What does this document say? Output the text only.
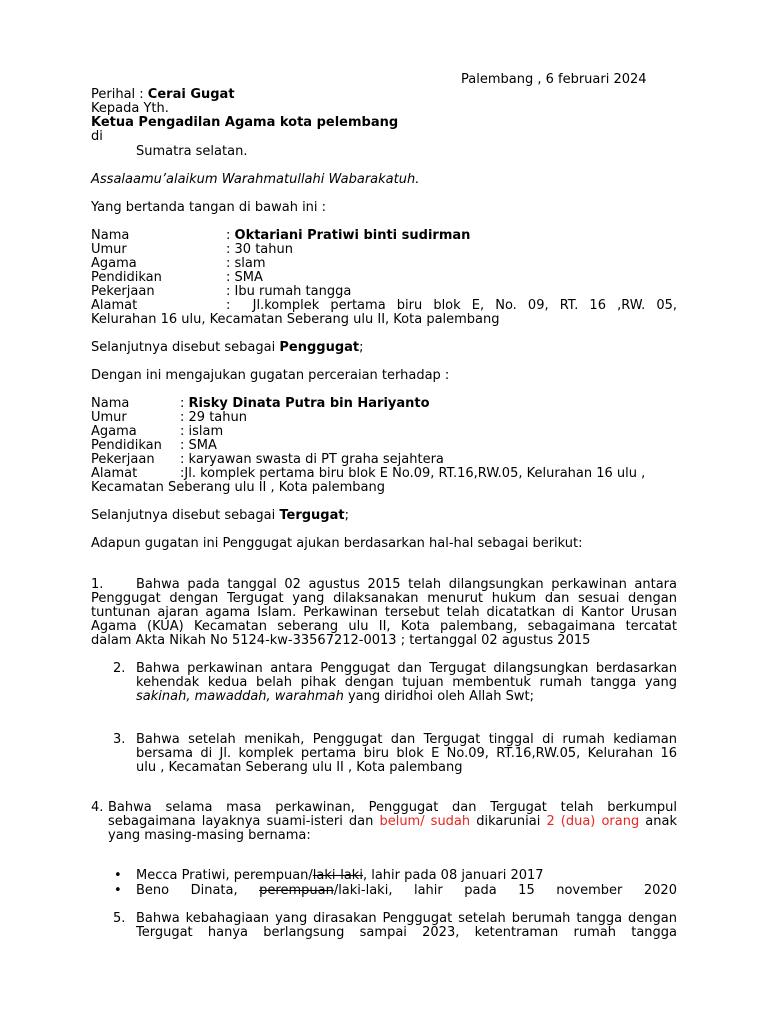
Palembang , 6 februari 2024
Perihal : Cerai Gugat
Kepada Yth.
Ketua Pengadilan Agama kota pelembang
di
Sumatra selatan.
Assalaamu’alaikum Warahmatullahi Wabarakatuh.
Yang bertanda tangan di bawah ini :
Nama	: Oktariani Pratiwi binti sudirman
Umur	: 30 tahun
Agama	: slam
Pendidikan	: SMA
Pekerjaan	: Ibu rumah tangga
Alamat	:  Jl.komplek pertama biru blok E, No. 09, RT. 16 ,RW. 05,
Kelurahan 16 ulu, Kecamatan Seberang ulu II, Kota palembang
Selanjutnya disebut sebagai Penggugat;
Dengan ini mengajukan gugatan perceraian terhadap :
Nama	: Risky Dinata Putra bin Hariyanto
Umur	: 29 tahun
Agama	: islam
Pendidikan : SMA
Pekerjaan : karyawan swasta di PT graha sejahtera
Alamat	:Jl. komplek pertama biru blok E No.09, RT.16,RW.05, Kelurahan 16 ulu ,
Kecamatan Seberang ulu II , Kota palembang
Selanjutnya disebut sebagai Tergugat;
Adapun gugatan ini Penggugat ajukan berdasarkan hal-hal sebagai berikut:
1.	Bahwa pada tanggal 02 agustus 2015 telah dilangsungkan perkawinan antara
Penggugat dengan Tergugat yang dilaksanakan menurut hukum dan sesuai dengan
tuntunan ajaran agama Islam. Perkawinan tersebut telah dicatatkan di Kantor Urusan
Agama (KUA) Kecamatan seberang ulu II, Kota palembang, sebagaimana tercatat
dalam Akta Nikah No 5124-kw-33567212-0013 ; tertanggal 02 agustus 2015
2. Bahwa perkawinan antara Penggugat dan Tergugat dilangsungkan berdasarkan
kehendak kedua belah pihak dengan tujuan membentuk rumah tangga yang
sakinah, mawaddah, warahmah yang diridhoi oleh Allah Swt;
3. Bahwa setelah menikah, Penggugat dan Tergugat tinggal di rumah kediaman
bersama di Jl. komplek pertama biru blok E No.09, RT.16,RW.05, Kelurahan 16
ulu , Kecamatan Seberang ulu II , Kota palembang
4. Bahwa selama masa perkawinan, Penggugat dan Tergugat telah berkumpul
sebagaimana layaknya suami-isteri dan belum/ sudah dikaruniai 2 (dua) orang anak
yang masing-masing bernama:
• Mecca Pratiwi, perempuan/laki-laki, lahir pada 08 januari 2017
• Beno Dinata, perempuan/laki-laki, lahir pada 15 november 2020
5. Bahwa kebahagiaan yang dirasakan Penggugat setelah berumah tangga dengan
Tergugat hanya berlangsung sampai 2023, ketentraman rumah tangga
